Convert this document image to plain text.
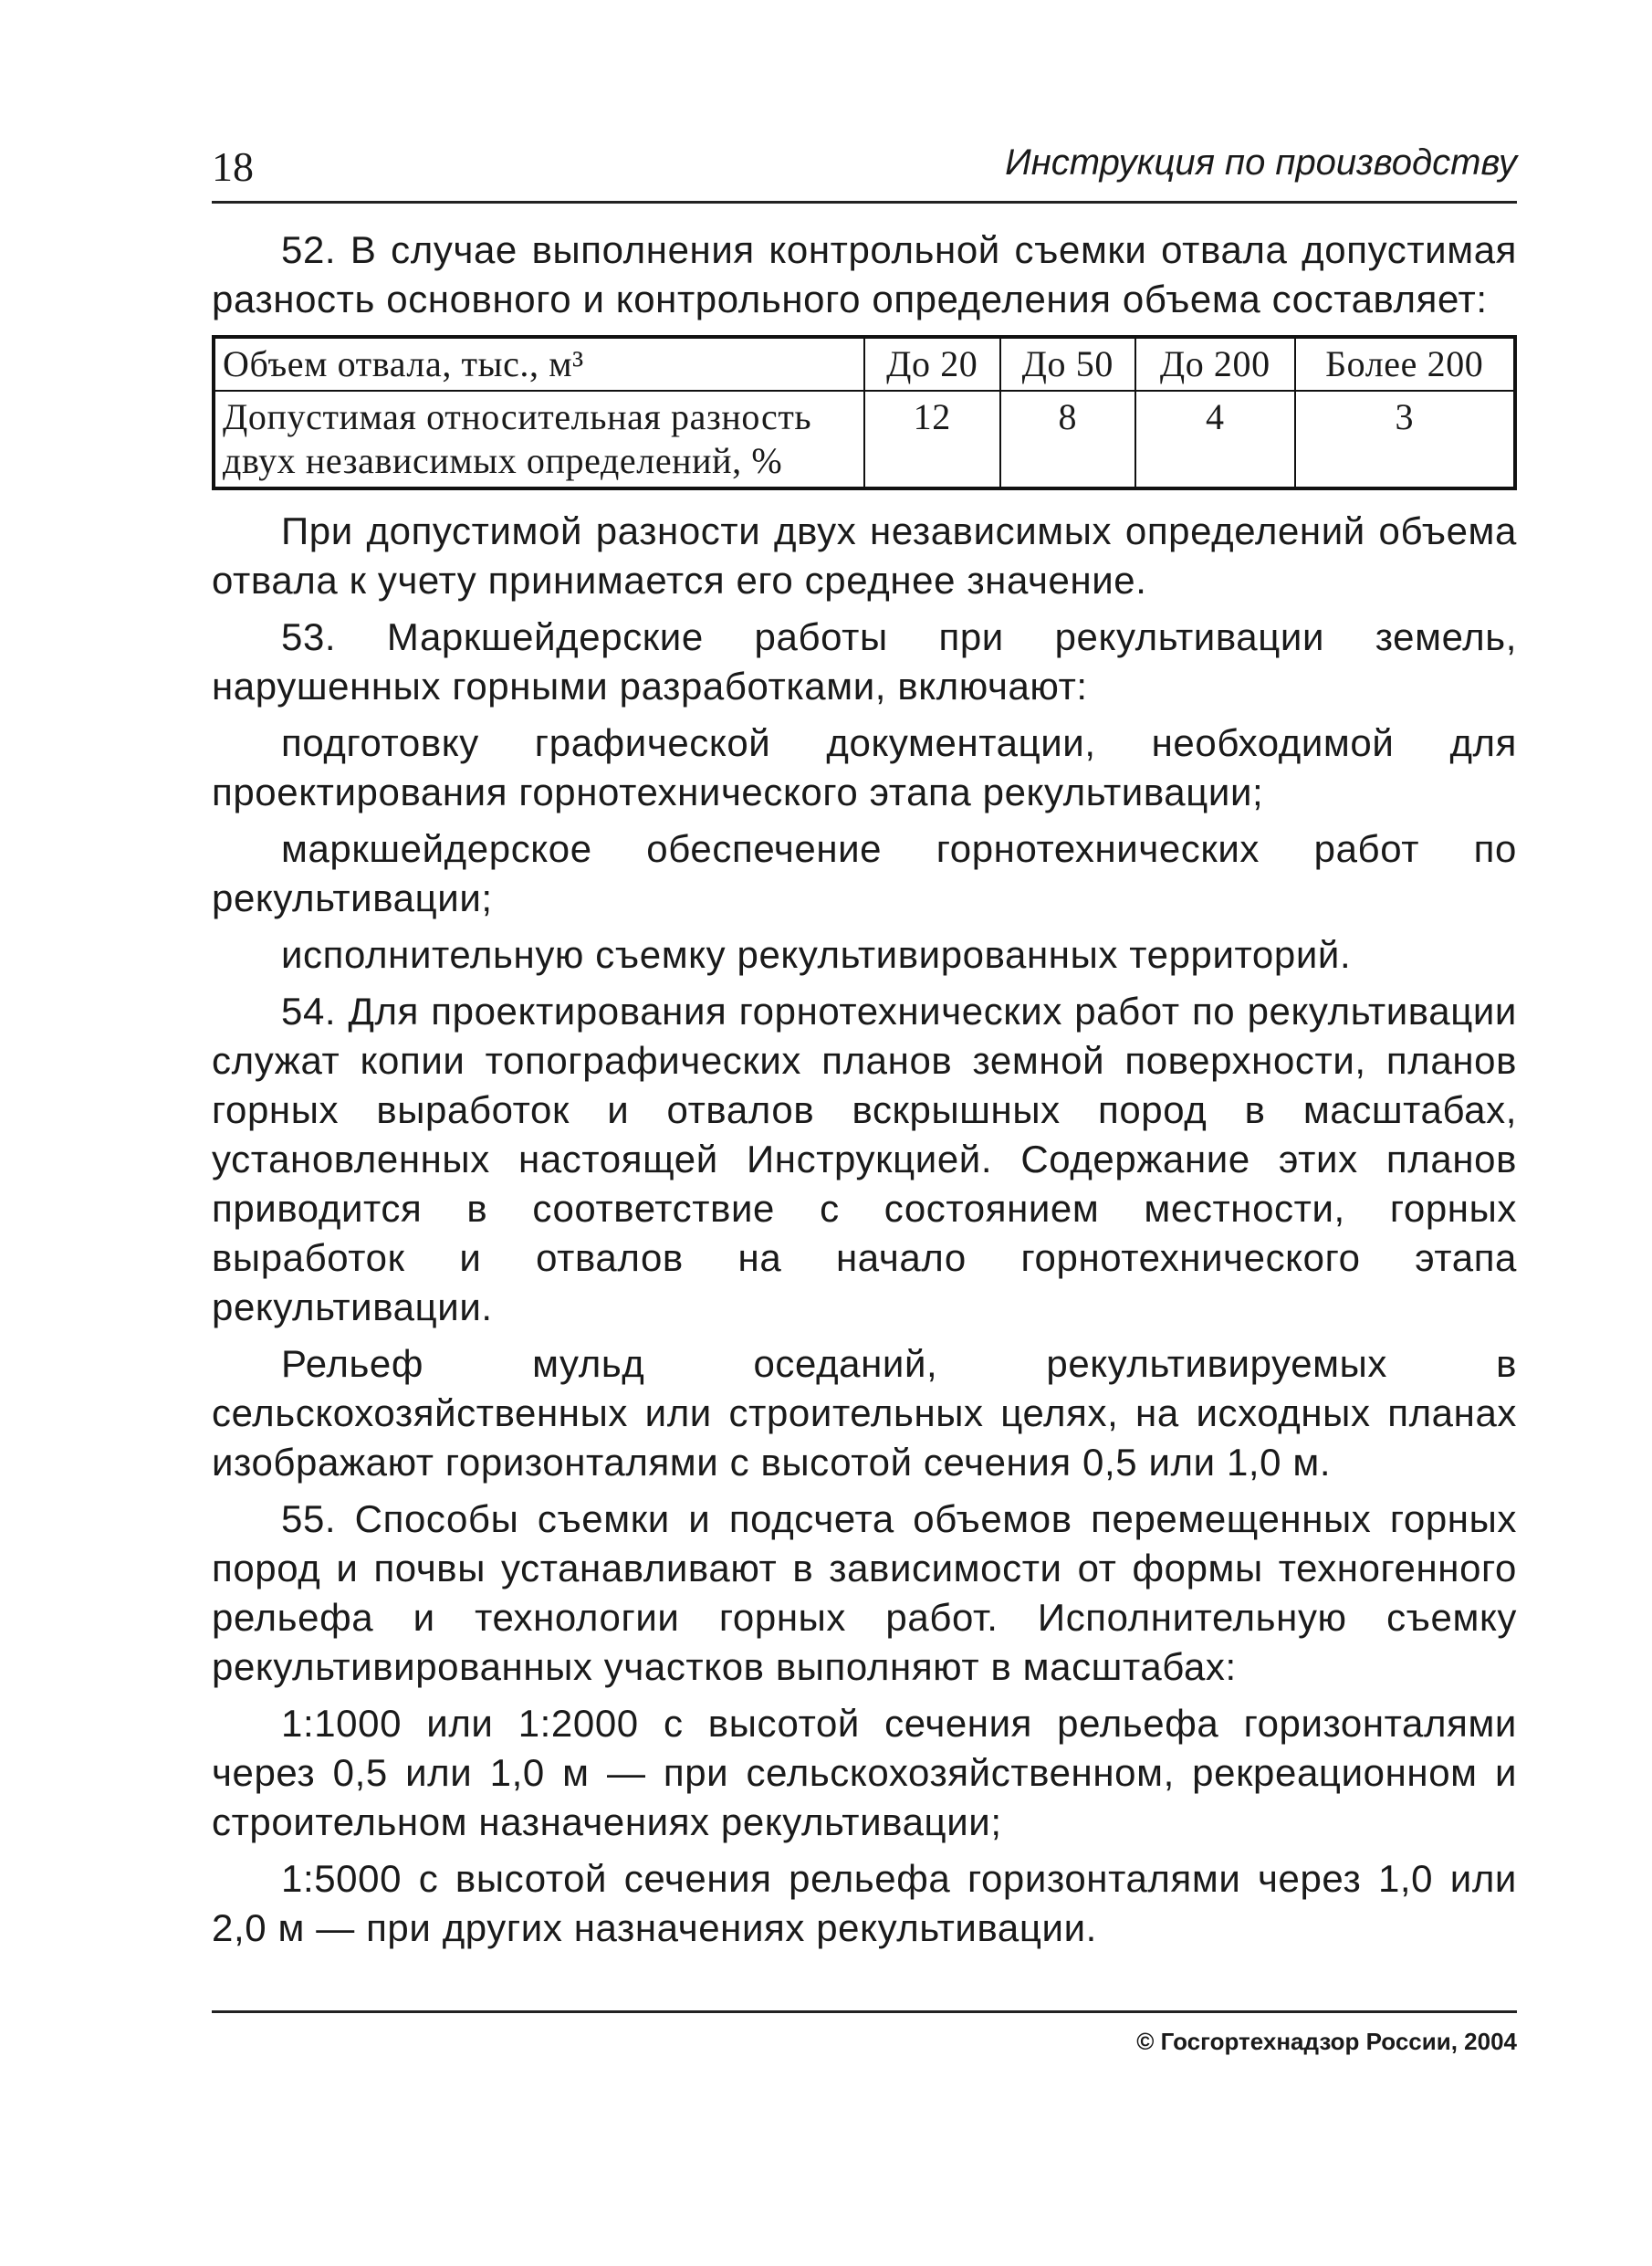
18	Инструкция по производству

52. В случае выполнения контрольной съемки отвала допустимая разность основного и контрольного определения объема составляет:

Объем отвала, тыс., м³	До 20	До 50	До 200	Более 200
Допустимая относительная разность двух независимых определений, %	12	8	4	3

При допустимой разности двух независимых определений объема отвала к учету принимается его среднее значение.

53. Маркшейдерские работы при рекультивации земель, нарушенных горными разработками, включают:

подготовку графической документации, необходимой для проектирования горнотехнического этапа рекультивации;

маркшейдерское обеспечение горнотехнических работ по рекультивации;

исполнительную съемку рекультивированных территорий.

54. Для проектирования горнотехнических работ по рекультивации служат копии топографических планов земной поверхности, планов горных выработок и отвалов вскрышных пород в масштабах, установленных настоящей Инструкцией. Содержание этих планов приводится в соответствие с состоянием местности, горных выработок и отвалов на начало горнотехнического этапа рекультивации.

Рельеф мульд оседаний, рекультивируемых в сельскохозяйственных или строительных целях, на исходных планах изображают горизонталями с высотой сечения 0,5 или 1,0 м.

55. Способы съемки и подсчета объемов перемещенных горных пород и почвы устанавливают в зависимости от формы техногенного рельефа и технологии горных работ. Исполнительную съемку рекультивированных участков выполняют в масштабах:

1:1000 или 1:2000 с высотой сечения рельефа горизонталями через 0,5 или 1,0 м — при сельскохозяйственном, рекреационном и строительном назначениях рекультивации;

1:5000 с высотой сечения рельефа горизонталями через 1,0 или 2,0 м — при других назначениях рекультивации.

© Госгортехнадзор России, 2004
